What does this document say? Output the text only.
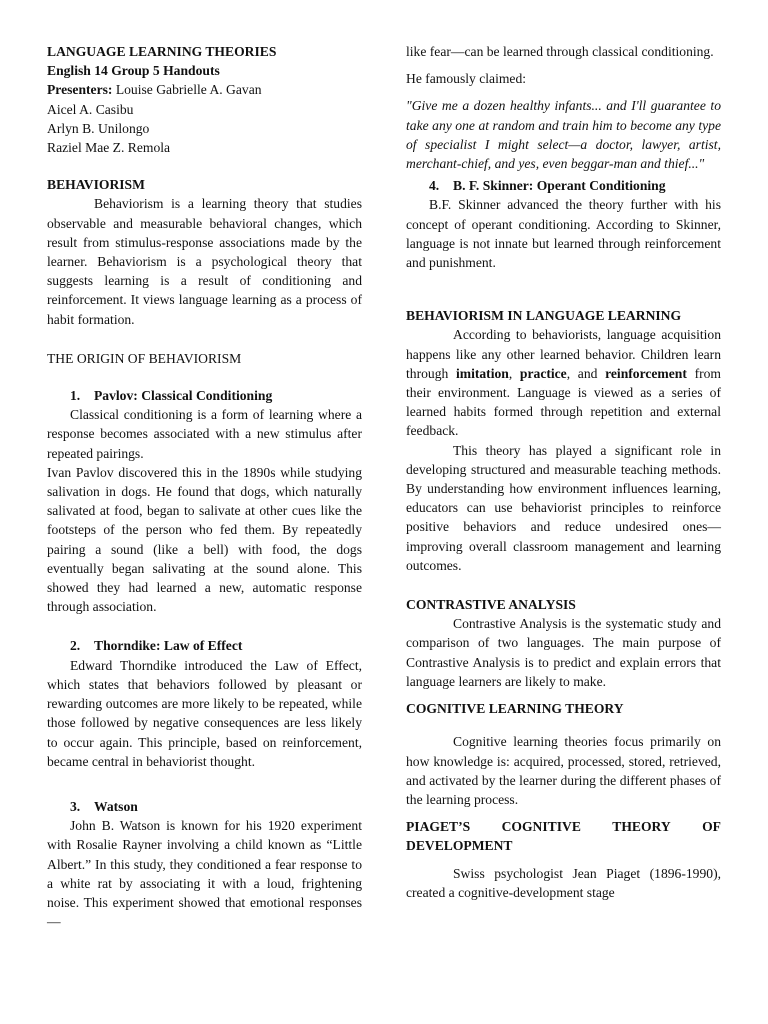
LANGUAGE LEARNING THEORIES

English 14 Group 5 Handouts

Presenters: Louise Gabrielle A. Gavan

Aicel A. Casibu

Arlyn B. Unilongo

Raziel Mae Z. Remola

BEHAVIORISM

Behaviorism is a learning theory that studies observable and measurable behavioral changes, which result from stimulus-response associations made by the learner. Behaviorism is a psychological theory that suggests learning is a result of conditioning and reinforcement. It views language learning as a process of habit formation.

THE ORIGIN OF BEHAVIORISM

1. Pavlov: Classical Conditioning

Classical conditioning is a form of learning where a response becomes associated with a new stimulus after repeated pairings.

Ivan Pavlov discovered this in the 1890s while studying salivation in dogs. He found that dogs, which naturally salivated at food, began to salivate at other cues like the footsteps of the person who fed them. By repeatedly pairing a sound (like a bell) with food, the dogs eventually began salivating at the sound alone. This showed they had learned a new, automatic response through association.

2. Thorndike: Law of Effect

Edward Thorndike introduced the Law of Effect, which states that behaviors followed by pleasant or rewarding outcomes are more likely to be repeated, while those followed by negative consequences are less likely to occur again. This principle, based on reinforcement, became central in behaviorist thought.

3. Watson

John B. Watson is known for his 1920 experiment with Rosalie Rayner involving a child known as “Little Albert.” In this study, they conditioned a fear response to a white rat by associating it with a loud, frightening noise. This experiment showed that emotional responses—

like fear—can be learned through classical conditioning.

He famously claimed:

"Give me a dozen healthy infants... and I'll guarantee to take any one at random and train him to become any type of specialist I might select—a doctor, lawyer, artist, merchant-chief, and yes, even beggar-man and thief..."

4. B. F. Skinner: Operant Conditioning

B.F. Skinner advanced the theory further with his concept of operant conditioning. According to Skinner, language is not innate but learned through reinforcement and punishment.

BEHAVIORISM IN LANGUAGE LEARNING

According to behaviorists, language acquisition happens like any other learned behavior. Children learn through imitation, practice, and reinforcement from their environment. Language is viewed as a series of learned habits formed through repetition and external feedback.

This theory has played a significant role in developing structured and measurable teaching methods. By understanding how environment influences learning, educators can use behaviorist principles to reinforce positive behaviors and reduce undesired ones—improving overall classroom management and learning outcomes.

CONTRASTIVE ANALYSIS

Contrastive Analysis is the systematic study and comparison of two languages. The main purpose of Contrastive Analysis is to predict and explain errors that language learners are likely to make.

COGNITIVE LEARNING THEORY

Cognitive learning theories focus primarily on how knowledge is: acquired, processed, stored, retrieved, and activated by the learner during the different phases of the learning process.

PIAGET’S COGNITIVE THEORY OF

DEVELOPMENT

Swiss psychologist Jean Piaget (1896-1990), created a cognitive-development stage
